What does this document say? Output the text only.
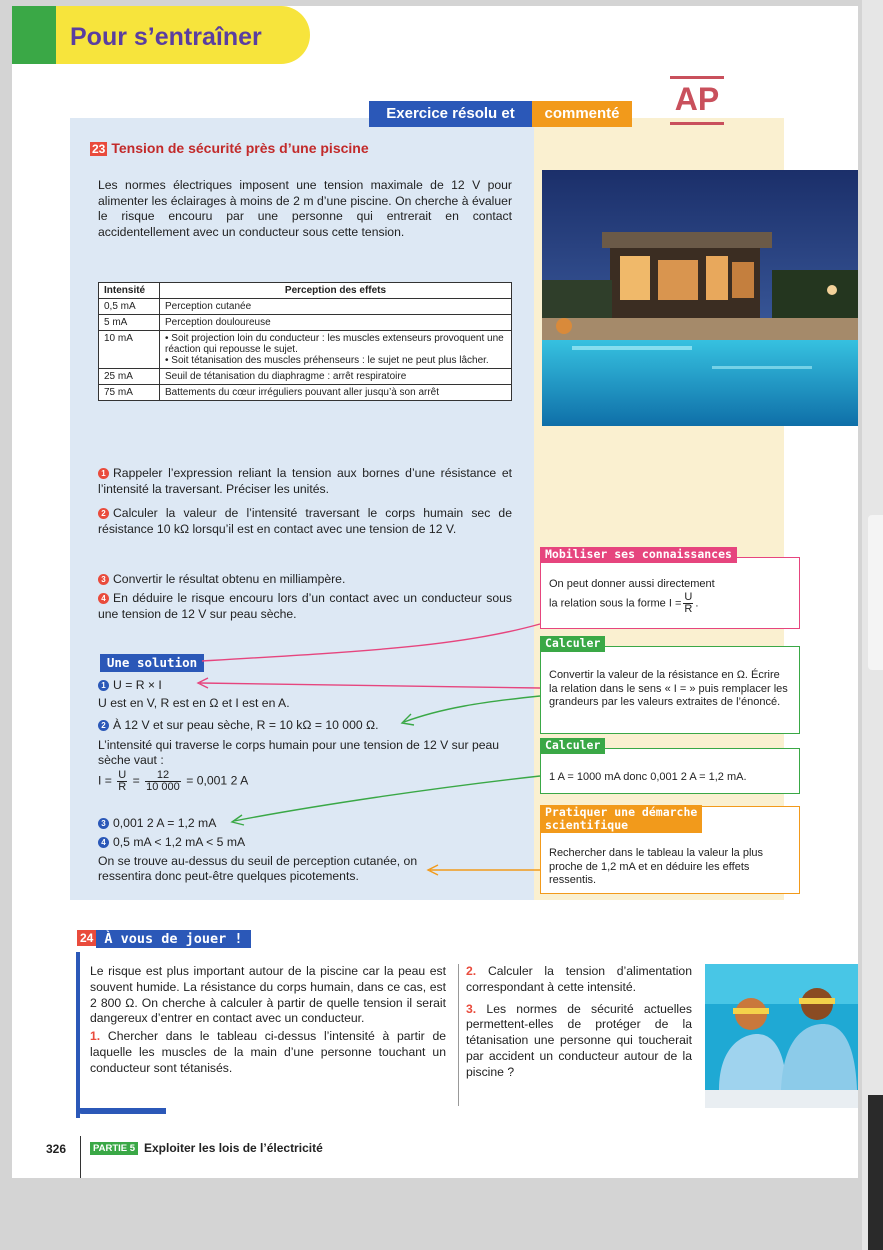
Pour s’entraîner
Exercice résolu et	commenté	AP
23 Tension de sécurité près d’une piscine
Les normes électriques imposent une tension maximale de 12 V pour alimenter les éclairages à moins de 2 m d’une piscine. On cherche à évaluer le risque encouru par une personne qui entrerait en contact accidentellement avec un conducteur sous cette tension.
Intensité	Perception des effets
0,5 mA	Perception cutanée
5 mA	Perception douloureuse
10 mA	• Soit projection loin du conducteur : les muscles extenseurs provoquent une réaction qui repousse le sujet.
• Soit tétanisation des muscles préhenseurs : le sujet ne peut plus lâcher.
25 mA	Seuil de tétanisation du diaphragme : arrêt respiratoire
75 mA	Battements du cœur irréguliers pouvant aller jusqu’à son arrêt
1 Rappeler l’expression reliant la tension aux bornes d’une résistance et l’intensité la traversant. Préciser les unités.
2 Calculer la valeur de l’intensité traversant le corps humain sec de résistance 10 kΩ lorsqu’il est en contact avec une tension de 12 V.
3 Convertir le résultat obtenu en milliampère.
4 En déduire le risque encouru lors d’un contact avec un conducteur sous une tension de 12 V sur peau sèche.
Mobiliser ses connaissances
On peut donner aussi directement
la relation sous la forme $I = \frac{U}{R}$ .
Calculer
Convertir la valeur de la résistance en Ω. Écrire la relation dans le sens « I = » puis remplacer les grandeurs par les valeurs extraites de l’énoncé.
Calculer
1 A = 1000 mA donc 0,001 2 A = 1,2 mA.
Pratiquer une démarche
scientifique
Rechercher dans le tableau la valeur la plus proche de 1,2 mA et en déduire les effets ressentis.
Une solution
1 U = R × I
U est en V, R est en Ω et I est en A.
2 À 12 V et sur peau sèche, R = 10 kΩ = 10 000 Ω.
L’intensité qui traverse le corps humain pour une tension de 12 V sur peau sèche vaut :
$I = \frac{U}{R} = \frac{12}{10 000} = 0,001$ 2 A
3 0,001 2 A = 1,2 mA
4 0,5 mA < 1,2 mA < 5 mA
On se trouve au-dessus du seuil de perception cutanée, on ressentira donc peut-être quelques picotements.
24 À vous de jouer !
Le risque est plus important autour de la piscine car la peau est souvent humide. La résistance du corps humain, dans ce cas, est 2 800 Ω. On cherche à calculer à partir de quelle tension il serait dangereux d’entrer en contact avec un conducteur.
1. Chercher dans le tableau ci-dessus l’intensité à partir de laquelle les muscles de la main d’une personne touchant un conducteur sont tétanisés.
2. Calculer la tension d’alimentation correspondant à cette intensité.
3. Les normes de sécurité actuelles permettent-elles de protéger de la tétanisation une personne qui toucherait par accident un conducteur autour de la piscine ?
326	PARTIE 5 Exploiter les lois de l’électricité
